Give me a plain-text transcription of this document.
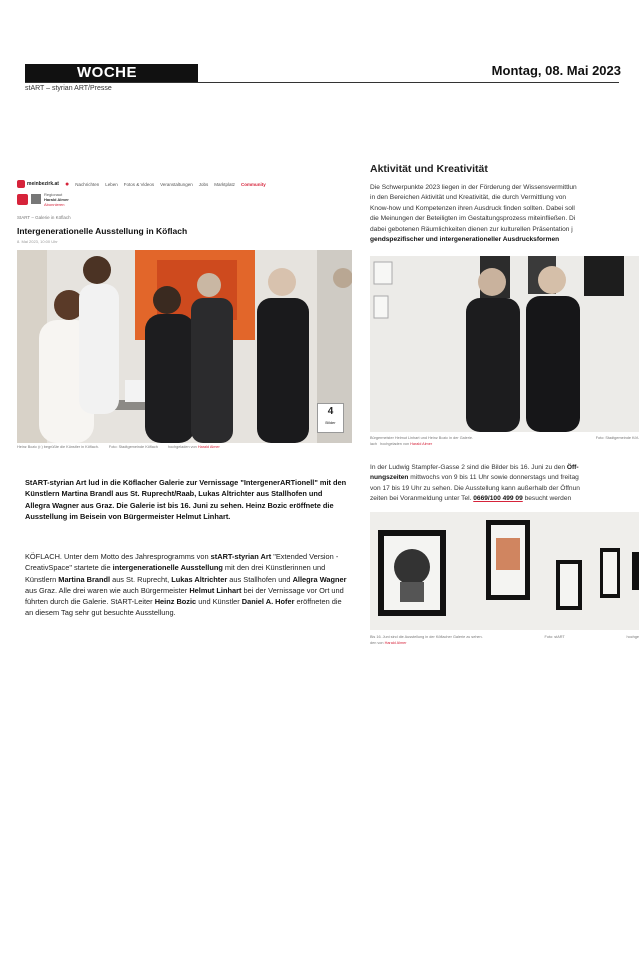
WOCHE	Montag, 08. Mai 2023
stART – styrian ART/Presse
meinbezirk.at ● Nachrichten Leben Fotos & Videos Veranstaltungen Jobs Marktplatz Community
Regionaut
Harald Almer
Abonnieren
StART – Galerie in Köflach
Intergenerationelle Ausstellung in Köflach
8. Mai 2023, 10:00 Uhr
4
Bilder
Heinz Bozic (r.) begrüßte die Künstler in Köflach.	Foto: Stadtgemeinde Köflach	hochgeladen von Harald Almer
StART-styrian Art lud in die Köflacher Galerie zur Vernissage "IntergenerARTionell" mit den Künstlern Martina Brandl aus St. Ruprecht/Raab, Lukas Altrichter aus Stallhofen und Allegra Wagner aus Graz. Die Galerie ist bis 16. Juni zu sehen. Heinz Bozic eröffnete die Ausstellung im Beisein von Bürgermeister Helmut Linhart.
KÖFLACH. Unter dem Motto des Jahresprogramms von stART-styrian Art "Extended Version - CreativSpace" startete die intergenerationelle Ausstellung mit den drei Künstlerinnen und Künstlern Martina Brandl aus St. Ruprecht, Lukas Altrichter aus Stallhofen und Allegra Wagner aus Graz. Alle drei waren wie auch Bürgermeister Helmut Linhart bei der Vernissage vor Ort und führten durch die Galerie. StART-Leiter Heinz Bozic und Künstler Daniel A. Hofer eröffneten die an diesem Tag sehr gut besuchte Ausstellung.
Aktivität und Kreativität
Die Schwerpunkte 2023 liegen in der Förderung der Wissensvermittlun
in den Bereichen Aktivität und Kreativität, die durch Vermittlung von
Know-how und Kompetenzen ihren Ausdruck finden sollten. Dabei soll
die Meinungen der Beteiligten im Gestaltungsprozess miteinfließen. Di
dabei gebotenen Räumlichkeiten dienen zur kulturellen Präsentation j
gendspezifischer und intergenerationeller Ausdrucksformen
Bürgermeister Helmut Linhart und Heinz Bozic in der Galerie.	Foto: Stadtgemeinde Köf-
lach hochgeladen von Harald Almer
In der Ludwig Stampfer-Gasse 2 sind die Bilder bis 16. Juni zu den Öff-
nungszeiten mittwochs von 9 bis 11 Uhr sowie donnerstags und freitag
von 17 bis 19 Uhr zu sehen. Die Ausstellung kann außerhalb der Öffnun
zeiten bei Voranmeldung unter Tel. 0669/100 499 09 besucht werden
Bis 16. Juni sind die Ausstellung in der Köflacher Galerie zu sehen.	Foto: stART	hochge
den von Harald Almer
